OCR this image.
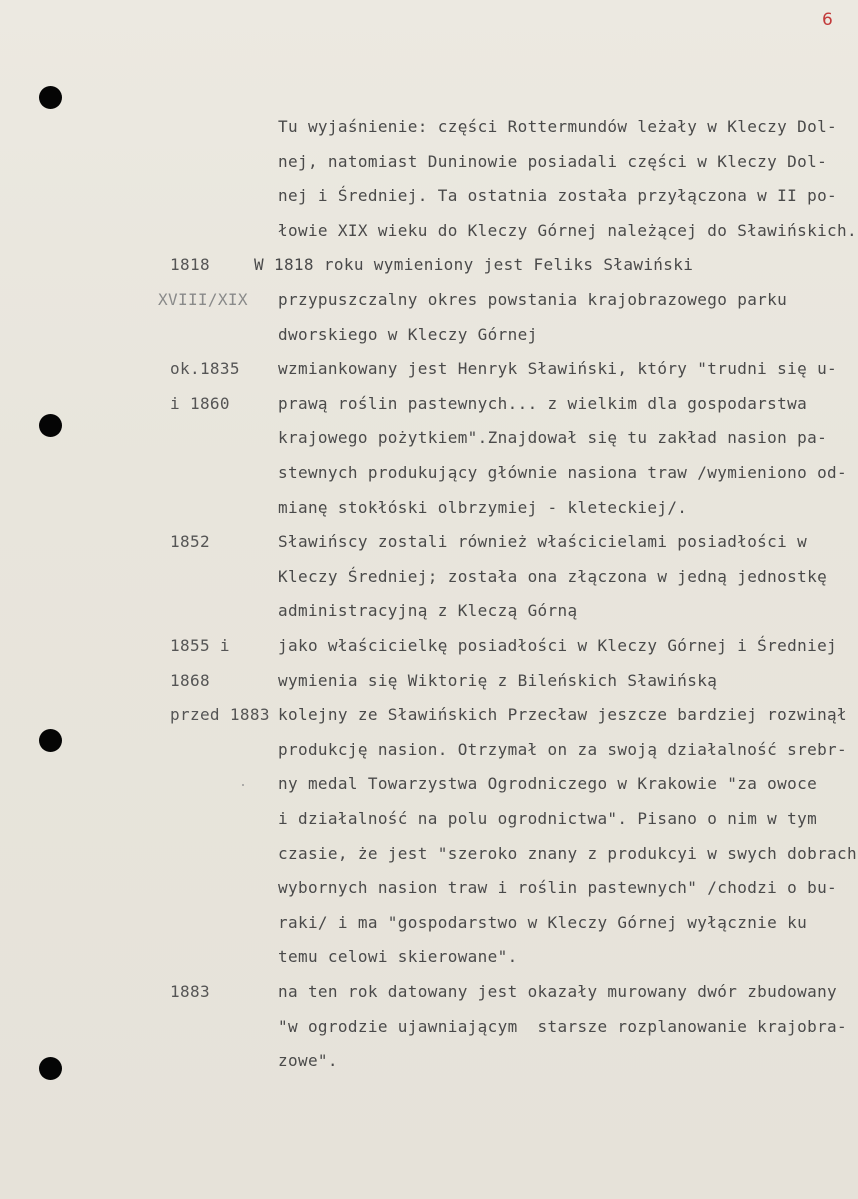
6
Tu wyjaśnienie: części Rottermundów leżały w Kleczy Dol-
nej, natomiast Duninowie posiadali części w Kleczy Dol-
nej i Średniej. Ta ostatnia została przyłączona w II po-
łowie XIX wieku do Kleczy Górnej należącej do Sławińskich.
W 1818 roku wymieniony jest Feliks Sławiński
1818
przypuszczalny okres powstania krajobrazowego parku
dworskiego w Kleczy Górnej
XVIII/XIX
wzmiankowany jest Henryk Sławiński, który "trudni się u-
prawą roślin pastewnych... z wielkim dla gospodarstwa
krajowego pożytkiem".Znajdował się tu zakład nasion pa-
stewnych produkujący głównie nasiona traw /wymieniono od-
mianę stokłóski olbrzymiej - kleteckiej/.
ok.1835
i 1860
Sławińscy zostali również właścicielami posiadłości w
Kleczy Średniej; została ona złączona w jedną jednostkę
administracyjną z Kleczą Górną
1852
jako właścicielkę posiadłości w Kleczy Górnej i Średniej
wymienia się Wiktorię z Bileńskich Sławińską
1855 i
1868
kolejny ze Sławińskich Przecław jeszcze bardziej rozwinął
produkcję nasion. Otrzymał on za swoją działalność srebr-
ny medal Towarzystwa Ogrodniczego w Krakowie "za owoce
i działalność na polu ogrodnictwa". Pisano o nim w tym
czasie, że jest "szeroko znany z produkcyi w swych dobrach
wybornych nasion traw i roślin pastewnych" /chodzi o bu-
raki/ i ma "gospodarstwo w Kleczy Górnej wyłącznie ku
temu celowi skierowane".
przed 1883
na ten rok datowany jest okazały murowany dwór zbudowany
"w ogrodzie ujawniającym  starsze rozplanowanie krajobra-
zowe".
1883
